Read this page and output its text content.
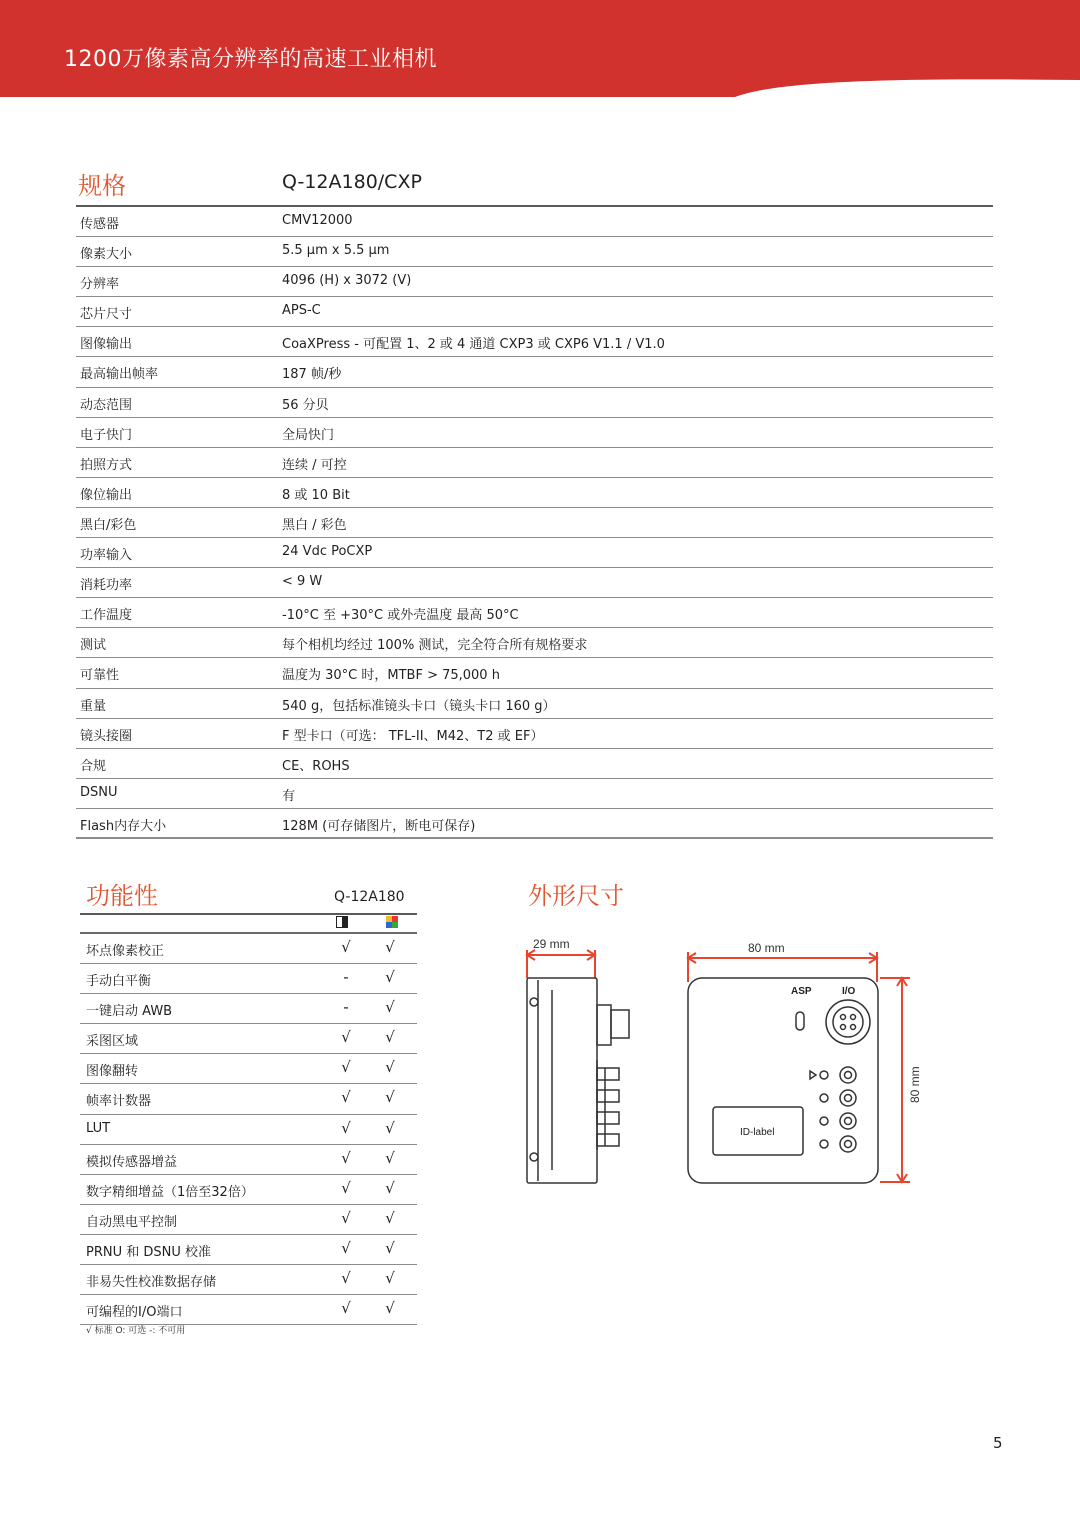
1200万像素高分辨率的高速工业相机
规格	Q-12A180/CXP
传感器	CMV12000
像素大小	5.5 µm x 5.5 µm
分辨率	4096 (H) x 3072 (V)
芯片尺寸	APS-C
图像输出	CoaXPress - 可配置 1、2 或 4 通道 CXP3 或 CXP6 V1.1 / V1.0
最高输出帧率	187 帧/秒
动态范围	56 分贝
电子快门	全局快门
拍照方式	连续 / 可控
像位输出	8 或 10 Bit
黑白/彩色	黑白 / 彩色
功率输入	24 Vdc PoCXP
消耗功率	< 9 W
工作温度	-10°C 至 +30°C 或外壳温度 最高 50°C
测试	每个相机均经过 100% 测试，完全符合所有规格要求
可靠性	温度为 30°C 时，MTBF > 75,000 h
重量	540 g，包括标准镜头卡口（镜头卡口 160 g）
镜头接圈	F 型卡口（可选： TFL-II、M42、T2 或 EF）
合规	CE、ROHS
DSNU	有
Flash内存大小	128M (可存储图片，断电可保存)
功能性	Q-12A180
坏点像素校正	√ √
手动白平衡	-	√
一键启动 AWB	-	√
采图区域	√ √
图像翻转	√ √
帧率计数器	√ √
LUT	√ √
模拟传感器增益	√ √
数字精细增益（1倍至32倍）	√ √
自动黑电平控制	√ √
PRNU 和 DSNU 校准	√ √
非易失性校准数据存储	√ √
可编程的I/O端口	√ √
√ 标准 O: 可选 -: 不可用
外形尺寸
29 mm	80 mm
80 mm
ASP	I/O
ID-label
5
